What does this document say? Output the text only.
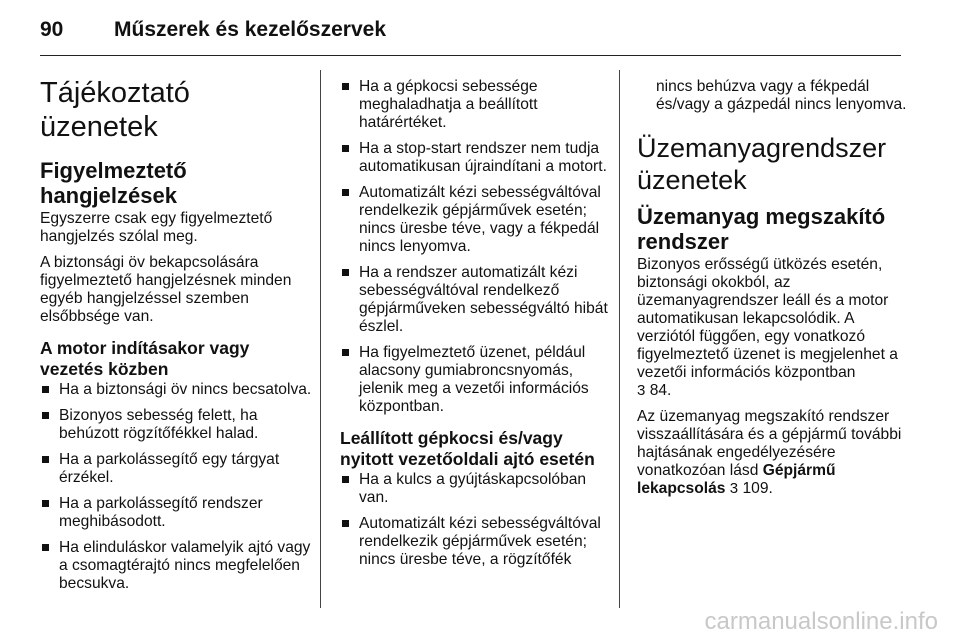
90	Műszerek és kezelőszervek
Tájékoztató üzenetek
Figyelmeztető hangjelzések

Egyszerre csak egy figyelmeztető hangjelzés szólal meg.

A biztonsági öv bekapcsolására figyelmeztető hangjelzésnek minden egyéb hangjelzéssel szemben elsőbbsége van.

A motor indításakor vagy vezetés közben
Ha a biztonsági öv nincs becsatolva.
Bizonyos sebesség felett, ha behúzott rögzítőfékkel halad.
Ha a parkolássegítő egy tárgyat érzékel.
Ha a parkolássegítő rendszer meghibásodott.
Ha elinduláskor valamelyik ajtó vagy a csomagtérajtó nincs megfelelően becsukva.
Ha a gépkocsi sebessége meghaladhatja a beállított határértéket.
Ha a stop-start rendszer nem tudja automatikusan újraindítani a motort.
Automatizált kézi sebességváltóval rendelkezik gépjárművek esetén; nincs üresbe téve, vagy a fékpedál nincs lenyomva.
Ha a rendszer automatizált kézi sebességváltóval rendelkező gépjárműveken sebességváltó hibát észlel.
Ha figyelmeztető üzenet, például alacsony gumiabroncsnyomás, jelenik meg a vezetői információs központban.
Leállított gépkocsi és/vagy nyitott vezetőoldali ajtó esetén
Ha a kulcs a gyújtáskapcsolóban van.
Automatizált kézi sebességváltóval rendelkezik gépjárművek esetén; nincs üresbe téve, a rögzítőfék
nincs behúzva vagy a fékpedál és/vagy a gázpedál nincs lenyomva.
Üzemanyagrendszer üzenetek
Üzemanyag megszakító rendszer

Bizonyos erősségű ütközés esetén, biztonsági okokból, az üzemanyagrendszer leáll és a motor automatikusan lekapcsolódik. A verziótól függően, egy vonatkozó figyelmeztető üzenet is megjelenhet a vezetői információs központban
3 84.

Az üzemanyag megszakító rendszer visszaállítására és a gépjármű további hajtásának engedélyezésére vonatkozóan lásd Gépjármű lekapcsolás 3 109.

carmanualsonline.info
